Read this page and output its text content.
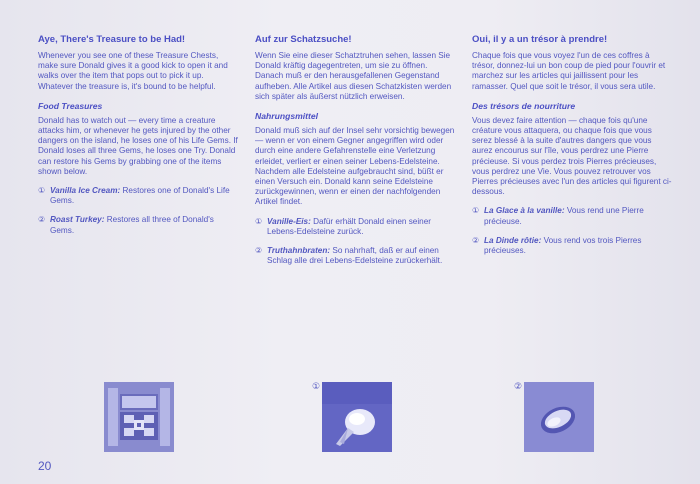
Aye, There's Treasure to be Had!

Whenever you see one of these Treasure Chests, make sure Donald gives it a good kick to open it and walks over the item that pops out to pick it up. Whatever the treasure is, it's bound to be helpful.

Food Treasures

Donald has to watch out — every time a creature attacks him, or whenever he gets injured by the other dangers on the island, he loses one of his Life Gems. If Donald loses all three Gems, he loses one Try. Donald can restore his Gems by grabbing one of the items shown below.

① Vanilla Ice Cream: Restores one of Donald's Life Gems.
② Roast Turkey: Restores all three of Donald's Gems.
Auf zur Schatzsuche!

Wenn Sie eine dieser Schatztruhen sehen, lassen Sie Donald kräftig dagegentreten, um sie zu öffnen. Danach muß er den herausgefallenen Gegenstand aufheben. Alle Artikel aus diesen Schatzkisten werden sich später als äußerst nützlich erweisen.

Nahrungsmittel

Donald muß sich auf der Insel sehr vorsichtig bewegen — wenn er von einem Gegner angegriffen wird oder durch eine andere Gefahrenstelle eine Verletzung erleidet, verliert er einen seiner Lebens-Edelsteine. Nachdem alle Edelsteine aufgebraucht sind, büßt er einen Versuch ein. Donald kann seine Edelsteine zurückgewinnen, wenn er einen der nachfolgenden Artikel findet.

① Vanille-Eis: Dafür erhält Donald einen seiner Lebens-Edelsteine zurück.
② Truthahnbraten: So nahrhaft, daß er auf einen Schlag alle drei Lebens-Edelsteine zurückerhält.
Oui, il y a un trésor à prendre!

Chaque fois que vous voyez l'un de ces coffres à trésor, donnez-lui un bon coup de pied pour l'ouvrir et marchez sur les articles qui jaillissent pour les ramasser. Quel que soit le trésor, il vous sera utile.

Des trésors de nourriture

Vous devez faire attention — chaque fois qu'une créature vous attaquera, ou chaque fois que vous serez blessé à la suite d'autres dangers que vous aurez encourus sur l'île, vous perdrez une Pierre précieuse. Si vous perdez trois Pierres précieuses, vous perdrez une Vie. Vous pouvez retrouver vos Pierres précieuses avec l'un des articles qui figurent ci-dessous.

① La Glace à la vanille: Vous rend une Pierre précieuse.
② La Dinde rôtie: Vous rend vos trois Pierres précieuses.
①	②
20
